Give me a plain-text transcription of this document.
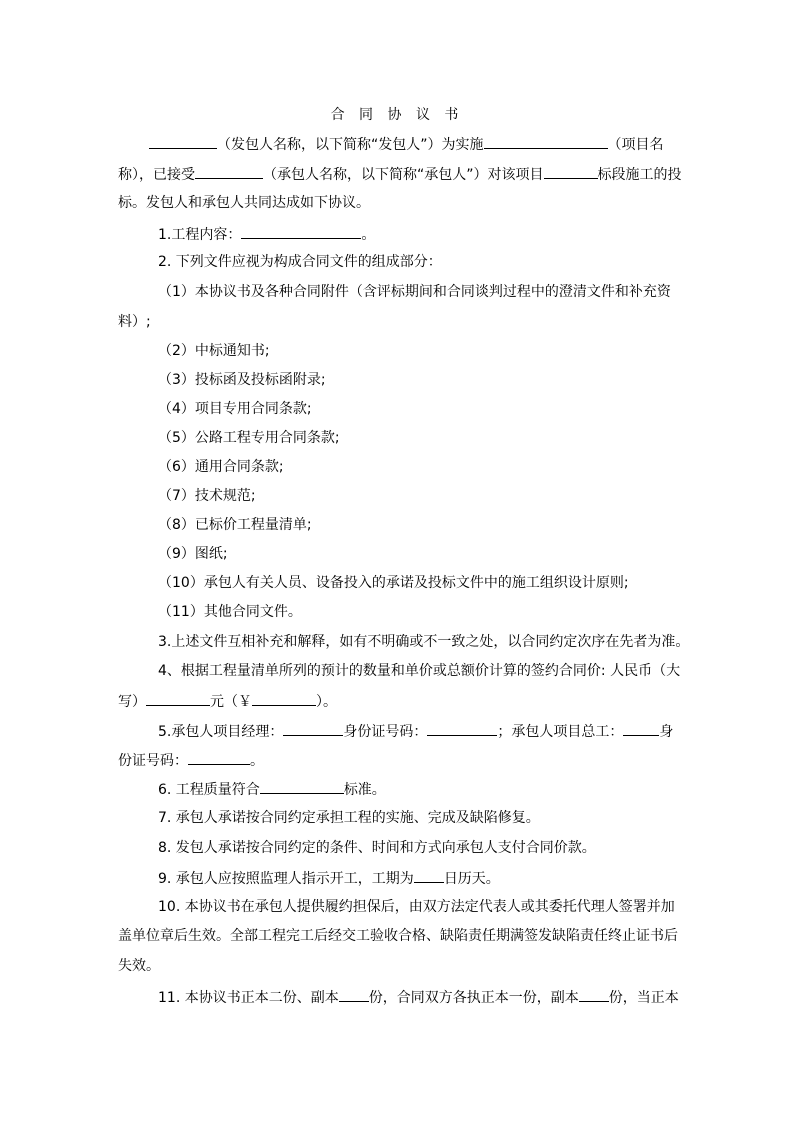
合 同 协 议 书
（发包人名称，以下简称“发包人”）为实施	（项目名
称），已接受	（承包人名称，以下简称“承包人”）对该项目	标段施工的投
标。发包人和承包人共同达成如下协议。
1.工程内容：	。
2. 下列文件应视为构成合同文件的组成部分：
（1）本协议书及各种合同附件（含评标期间和合同谈判过程中的澄清文件和补充资
料）;
（2）中标通知书;
（3）投标函及投标函附录;
（4）项目专用合同条款;
（5）公路工程专用合同条款;
（6）通用合同条款;
（7）技术规范;
（8）已标价工程量清单;
（9）图纸;
（10）承包人有关人员、设备投入的承诺及投标文件中的施工组织设计原则;
（11）其他合同文件。
3.上述文件互相补充和解释，如有不明确或不一致之处，以合同约定次序在先者为准。
4、根据工程量清单所列的预计的数量和单价或总额价计算的签约合同价: 人民币（大
写）	元（￥	）。
5.承包人项目经理：	身份证号码：	；承包人项目总工：	身
份证号码：	。
6. 工程质量符合	标准。
7. 承包人承诺按合同约定承担工程的实施、完成及缺陷修复。
8. 发包人承诺按合同约定的条件、时间和方式向承包人支付合同价款。
9. 承包人应按照监理人指示开工，工期为 日历天。
10. 本协议书在承包人提供履约担保后，由双方法定代表人或其委托代理人签署并加
盖单位章后生效。全部工程完工后经交工验收合格、缺陷责任期满签发缺陷责任终止证书后
失效。
11. 本协议书正本二份、副本 份，合同双方各执正本一份，副本 份，当正本
